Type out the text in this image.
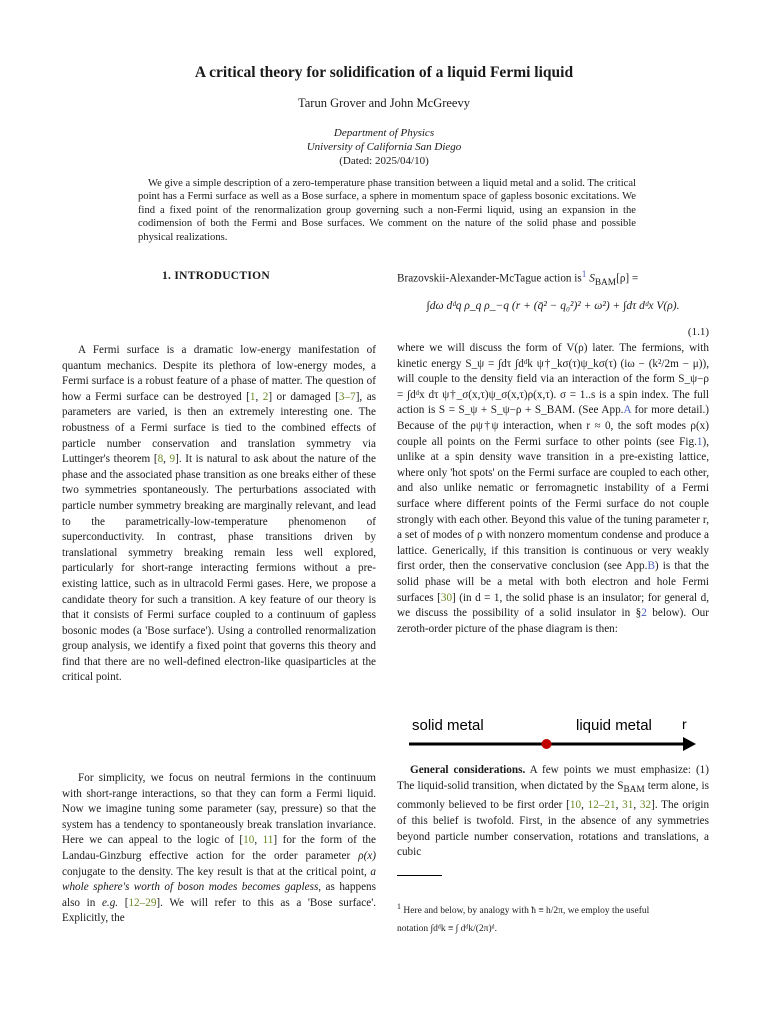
A critical theory for solidification of a liquid Fermi liquid
Tarun Grover and John McGreevy
Department of Physics
University of California San Diego
(Dated: 2025/04/10)

We give a simple description of a zero-temperature phase transition between a liquid metal and a solid. The critical point has a Fermi surface as well as a Bose surface, a sphere in momentum space of gapless bosonic excitations. We find a fixed point of the renormalization group governing such a non-Fermi liquid, using an expansion in the codimension of both the Fermi and Bose surfaces. We comment on the nature of the solid phase and possible physical realizations.

1. INTRODUCTION

A Fermi surface is a dramatic low-energy manifestation of quantum mechanics. Despite its plethora of low-energy modes, a Fermi surface is a robust feature of a phase of matter. The question of how a Fermi surface can be destroyed [1, 2] or damaged [3–7], as parameters are varied, is then an extremely interesting one. The robustness of a Fermi surface is tied to the combined effects of particle number conservation and translation symmetry via Luttinger's theorem [8, 9]. It is natural to ask about the nature of the phase and the associated phase transition as one breaks either of these two symmetries spontaneously. The perturbations associated with particle number symmetry breaking are marginally relevant, and lead to the parametrically-low-temperature phenomenon of superconductivity. In contrast, phase transitions driven by translational symmetry breaking remain less well explored, particularly for short-range interacting fermions without a pre-existing lattice, such as in ultracold Fermi gases. Here, we propose a candidate theory for such a transition. A key feature of our theory is that it consists of Fermi surface coupled to a continuum of gapless bosonic modes (a 'Bose surface'). Using a controlled renormalization group analysis, we identify a fixed point that governs this theory and find that there are no well-defined electron-like quasiparticles at the critical point.

For simplicity, we focus on neutral fermions in the continuum with short-range interactions, so that they can form a Fermi liquid. Now we imagine tuning some parameter (say, pressure) so that the system has a tendency to spontaneously break translation invariance. Here we can appeal to the logic of [10, 11] for the form of the Landau-Ginzburg effective action for the order parameter ρ(x) conjugate to the density. The key result is that at the critical point, a whole sphere's worth of boson modes becomes gapless, as happens also in e.g. [12–29]. We will refer to this as a 'Bose surface'. Explicitly, the

Brazovskii-Alexander-McTague action $is^1$ $S_{BAM}[\rho]$ =

∫dω dᵈq ρ_q ρ_−q (r + (q̄² − q₀²)² + ω²) + ∫dτ dᵈx V(ρ).
(1.1)

where we will discuss the form of V(ρ) later. The fermions, with kinetic energy S_ψ = ∫dτ ∫dᵈk ψ†_kσ(τ)ψ_kσ(τ) (iω − (k²/2m − μ)), will couple to the density field via an interaction of the form S_ψ−ρ = ∫dᵈx dτ ψ†_σ(x,τ)ψ_σ(x,τ)ρ(x,τ). σ = 1..s is a spin index. The full action is S = S_ψ + S_ψ−ρ + S_BAM. (See App.A for more detail.) Because of the ρψ†ψ interaction, when r ≈ 0, the soft modes ρ(x) couple all points on the Fermi surface to other points (see Fig.1), unlike at a spin density wave transition in a pre-existing lattice, where only 'hot spots' on the Fermi surface are coupled to each other, and also unlike nematic or ferromagnetic instability of a Fermi surface where different points of the Fermi surface do not couple strongly with each other. Beyond this value of the tuning parameter r, a set of modes of ρ with nonzero momentum condense and produce a lattice. Generically, if this transition is continuous or very weakly first order, then the conservative conclusion (see App.B) is that the solid phase will be a metal with both electron and hole Fermi surfaces [30] (in d = 1, the solid phase is an insulator; for general d, we discuss the possibility of a solid insulator in §2 below). Our zeroth-order picture of the phase diagram is then:

solid metal	liquid metal r

General considerations. A few points we must emphasize: (1) The liquid-solid transition, when dictated by the $S_{BAM}$ term alone, is commonly believed to be first order [10, 12–21, 31, 32]. The origin of this belief is twofold. First, in the absence of any symmetries beyond particle number conservation, rotations and translations, a cubic

$^1$ Here and below, by analogy with ħ ≡ h/2π, we employ the useful
notation ∫dᵈk ≡ ∫ dᵈk/(2π)ᵈ.
